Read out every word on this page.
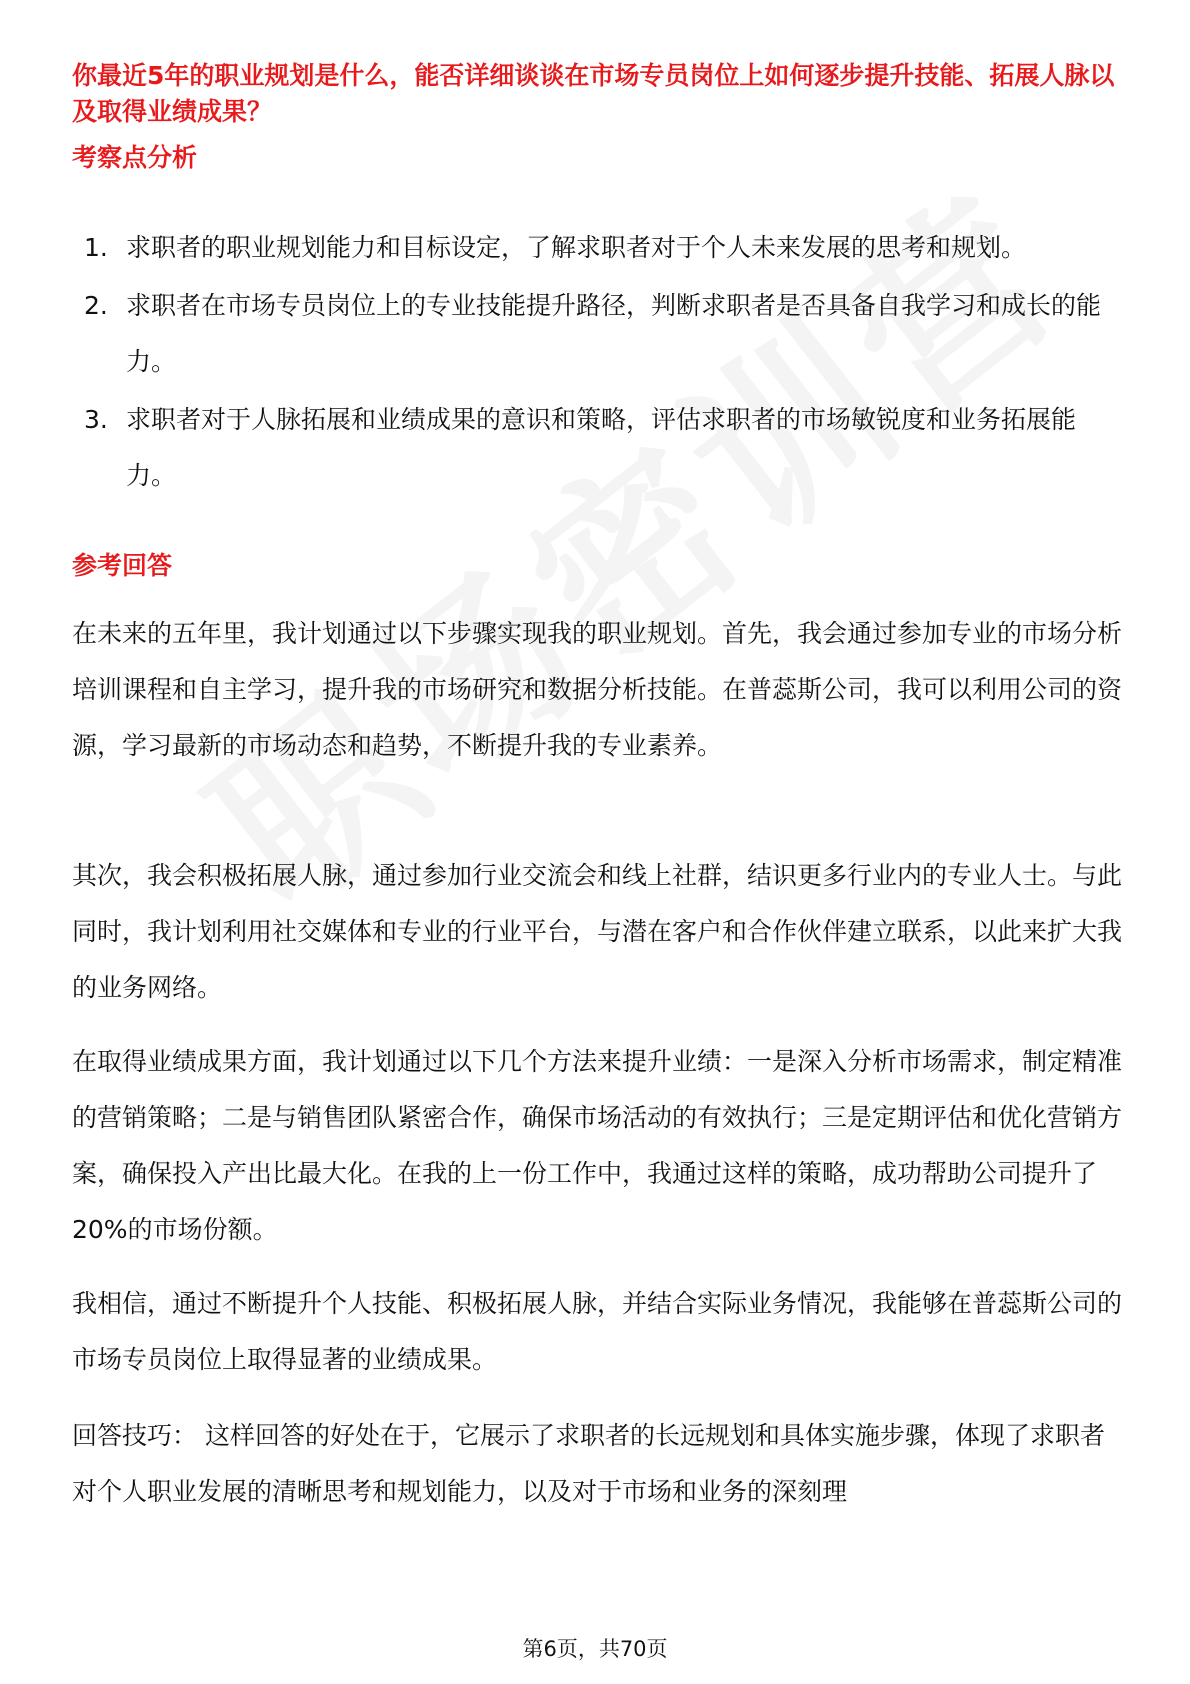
你最近5年的职业规划是什么，能否详细谈谈在市场专员岗位上如何逐步提升技能、拓展人脉以及取得业绩成果？
考察点分析
1. 求职者的职业规划能力和目标设定，了解求职者对于个人未来发展的思考和规划。
2. 求职者在市场专员岗位上的专业技能提升路径，判断求职者是否具备自我学习和成长的能力。
3. 求职者对于人脉拓展和业绩成果的意识和策略，评估求职者的市场敏锐度和业务拓展能力。
参考回答

在未来的五年里，我计划通过以下步骤实现我的职业规划。首先，我会通过参加专业的市场分析培训课程和自主学习，提升我的市场研究和数据分析技能。在普蕊斯公司，我可以利用公司的资源，学习最新的市场动态和趋势，不断提升我的专业素养。

其次，我会积极拓展人脉，通过参加行业交流会和线上社群，结识更多行业内的专业人士。与此同时，我计划利用社交媒体和专业的行业平台，与潜在客户和合作伙伴建立联系，以此来扩大我的业务网络。

在取得业绩成果方面，我计划通过以下几个方法来提升业绩：一是深入分析市场需求，制定精准的营销策略；二是与销售团队紧密合作，确保市场活动的有效执行；三是定期评估和优化营销方案，确保投入产出比最大化。在我的上一份工作中，我通过这样的策略，成功帮助公司提升了20%的市场份额。

我相信，通过不断提升个人技能、积极拓展人脉，并结合实际业务情况，我能够在普蕊斯公司的市场专员岗位上取得显著的业绩成果。

回答技巧： 这样回答的好处在于，它展示了求职者的长远规划和具体实施步骤，体现了求职者对个人职业发展的清晰思考和规划能力，以及对于市场和业务的深刻理

第6页，共70页
